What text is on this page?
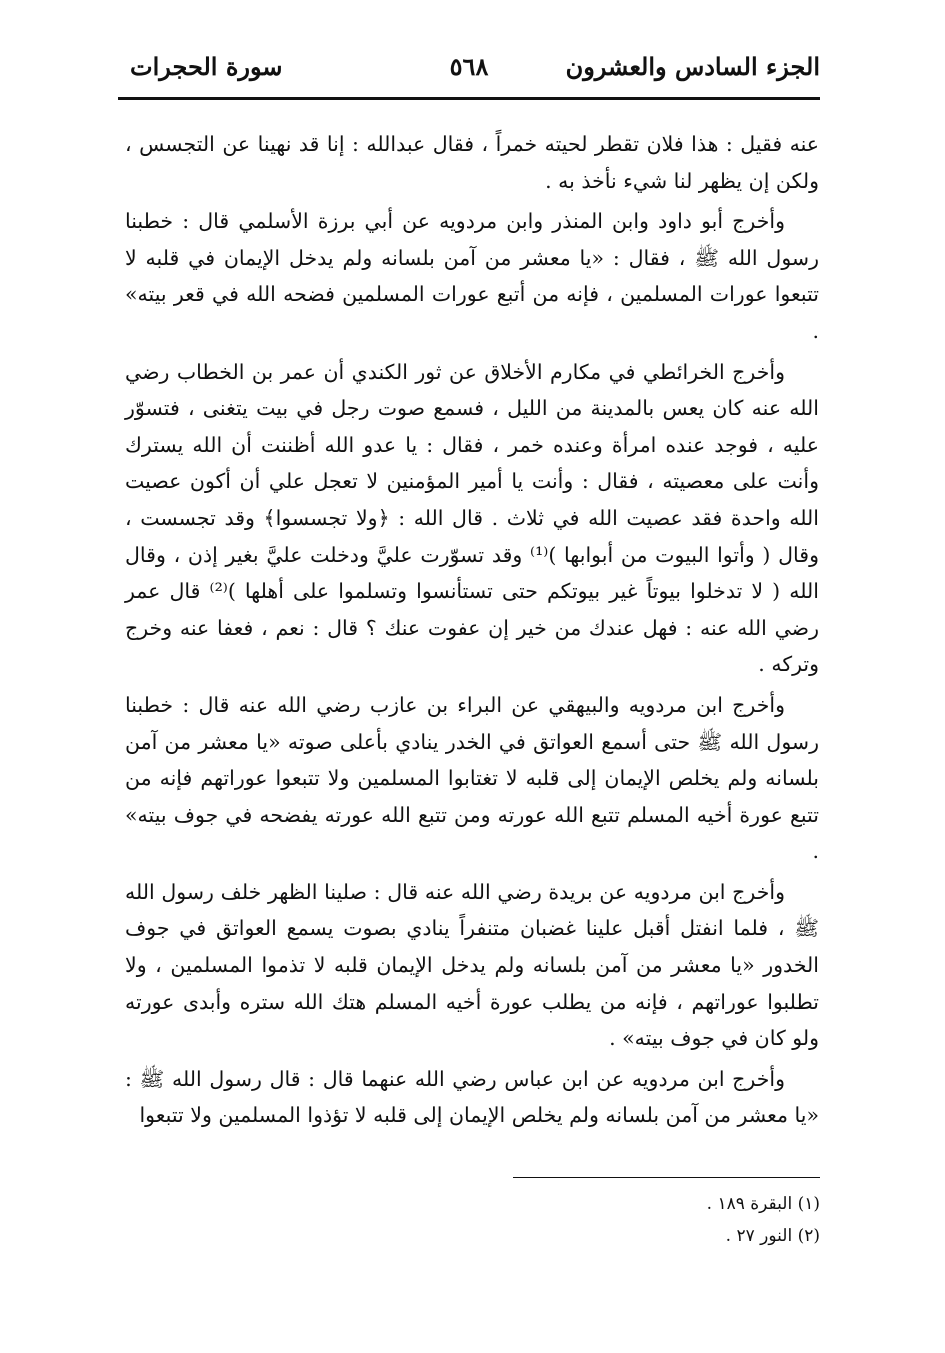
الجزء السادس والعشرون
٥٦٨
سورة الحجرات

عنه فقيل : هذا فلان تقطر لحيته خمراً ، فقال عبدالله : إنا قد نهينا عن التجسس ، ولكن إن يظهر لنا شيء نأخذ به .

وأخرج أبو داود وابن المنذر وابن مردويه عن أبي برزة الأسلمي قال : خطبنا رسول الله ﷺ ، فقال : «يا معشر من آمن بلسانه ولم يدخل الإيمان في قلبه لا تتبعوا عورات المسلمين ، فإنه من أتبع عورات المسلمين فضحه الله في قعر بيته» .

وأخرج الخرائطي في مكارم الأخلاق عن ثور الكندي أن عمر بن الخطاب رضي الله عنه كان يعس بالمدينة من الليل ، فسمع صوت رجل في بيت يتغنى ، فتسوّر عليه ، فوجد عنده امرأة وعنده خمر ، فقال : يا عدو الله أظننت أن الله يسترك وأنت على معصيته ، فقال : وأنت يا أمير المؤمنين لا تعجل علي أن أكون عصيت الله واحدة فقد عصيت الله في ثلاث . قال الله : ﴿ولا تجسسوا﴾ وقد تجسست ، وقال ( وأتوا البيوت من أبوابها )⁽¹⁾ وقد تسوّرت عليَّ ودخلت عليَّ بغير إذن ، وقال الله ( لا تدخلوا بيوتاً غير بيوتكم حتى تستأنسوا وتسلموا على أهلها )⁽²⁾ قال عمر رضي الله عنه : فهل عندك من خير إن عفوت عنك ؟ قال : نعم ، فعفا عنه وخرج وتركه .

وأخرج ابن مردويه والبيهقي عن البراء بن عازب رضي الله عنه قال : خطبنا رسول الله ﷺ حتى أسمع العواتق في الخدر ينادي بأعلى صوته «يا معشر من آمن بلسانه ولم يخلص الإيمان إلى قلبه لا تغتابوا المسلمين ولا تتبعوا عوراتهم فإنه من تتبع عورة أخيه المسلم تتبع الله عورته ومن تتبع الله عورته يفضحه في جوف بيته» .

وأخرج ابن مردويه عن بريدة رضي الله عنه قال : صلينا الظهر خلف رسول الله ﷺ ، فلما انفتل أقبل علينا غضبان متنفراً ينادي بصوت يسمع العواتق في جوف الخدور «يا معشر من آمن بلسانه ولم يدخل الإيمان قلبه لا تذموا المسلمين ، ولا تطلبوا عوراتهم ، فإنه من يطلب عورة أخيه المسلم هتك الله ستره وأبدى عورته ولو كان في جوف بيته» .

وأخرج ابن مردويه عن ابن عباس رضي الله عنهما قال : قال رسول الله ﷺ : «يا معشر من آمن بلسانه ولم يخلص الإيمان إلى قلبه لا تؤذوا المسلمين ولا تتبعوا

(١) البقرة ١٨٩ .
(٢) النور ٢٧ .
